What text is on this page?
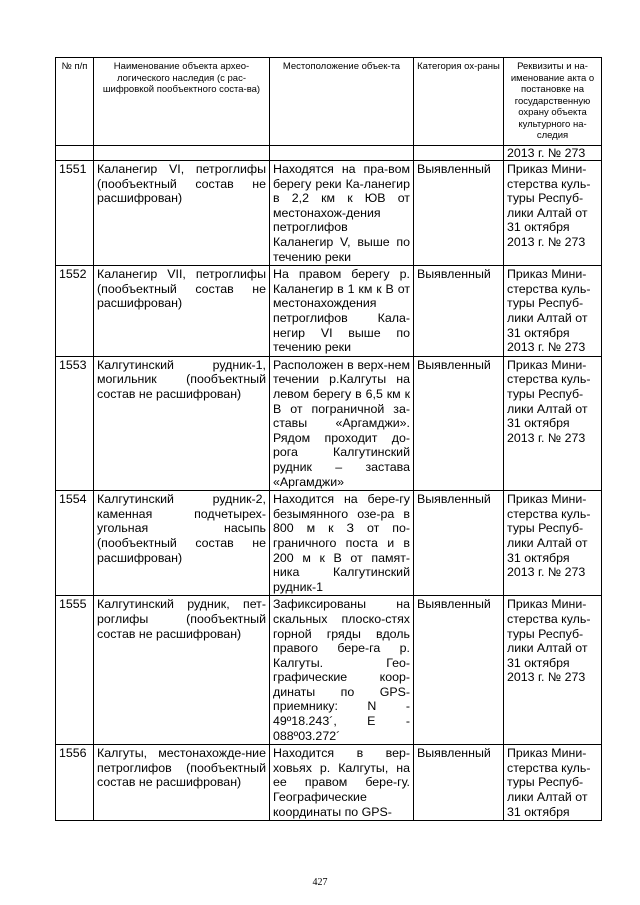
№ п/п	Наименование объекта архео-логического наследия (с рас-шифровкой пообъектного соста-ва)	Местоположение объек-та	Категория ох-раны	Реквизиты и на-именование акта о постановке на государственную охрану объекта культурного на-следия
				2013 г. № 273
1551	Каланегир VI, петроглифы (пообъектный состав не расшифрован)	Находятся на пра-вом берегу реки Ка-ланегир в 2,2 км к ЮВ от местонахож-дения петроглифов Каланегир V, выше по течению реки	Выявленный	Приказ Мини-стерства куль-туры Респуб-лики Алтай от 31 октября 2013 г. № 273
1552	Каланегир VII, петроглифы (пообъектный состав не расшифрован)	На правом берегу р. Каланегир в 1 км к В от местонахождения петроглифов Кала-негир VI выше по течению реки	Выявленный	Приказ Мини-стерства куль-туры Респуб-лики Алтай от 31 октября 2013 г. № 273
1553	Калгутинский рудник-1, могильник (пообъектный состав не расшифрован)	Расположен в верх-нем течении р.Калгуты на левом берегу в 6,5 км к В от пограничной за-ставы «Аргамджи». Рядом проходит до-рога Калгутинский рудник – застава «Аргамджи»	Выявленный	Приказ Мини-стерства куль-туры Респуб-лики Алтай от 31 октября 2013 г. № 273
1554	Калгутинский рудник-2, каменная подчетырех-угольная насыпь (пообъектный состав не расшифрован)	Находится на бере-гу безымянного озе-ра в 800 м к З от по-граничного поста и в 200 м к В от памят-ника Калгутинский рудник-1	Выявленный	Приказ Мини-стерства куль-туры Респуб-лики Алтай от 31 октября 2013 г. № 273
1555	Калгутинский рудник, пет-роглифы (пообъектный состав не расшифрован)	Зафиксированы на скальных плоско-стях горной гряды вдоль правого бере-га р. Калгуты. Гео-графические коор-динаты по GPS-приемнику: N - 49º18.243´, E - 088º03.272´	Выявленный	Приказ Мини-стерства куль-туры Респуб-лики Алтай от 31 октября 2013 г. № 273
1556	Калгуты, местонахожде-ние петроглифов (пообъектный состав не расшифрован)	Находится в вер-ховьях р. Калгуты, на ее правом бере-гу. Географические координаты по GPS-	Выявленный	Приказ Мини-стерства куль-туры Респуб-лики Алтай от 31 октября
427
